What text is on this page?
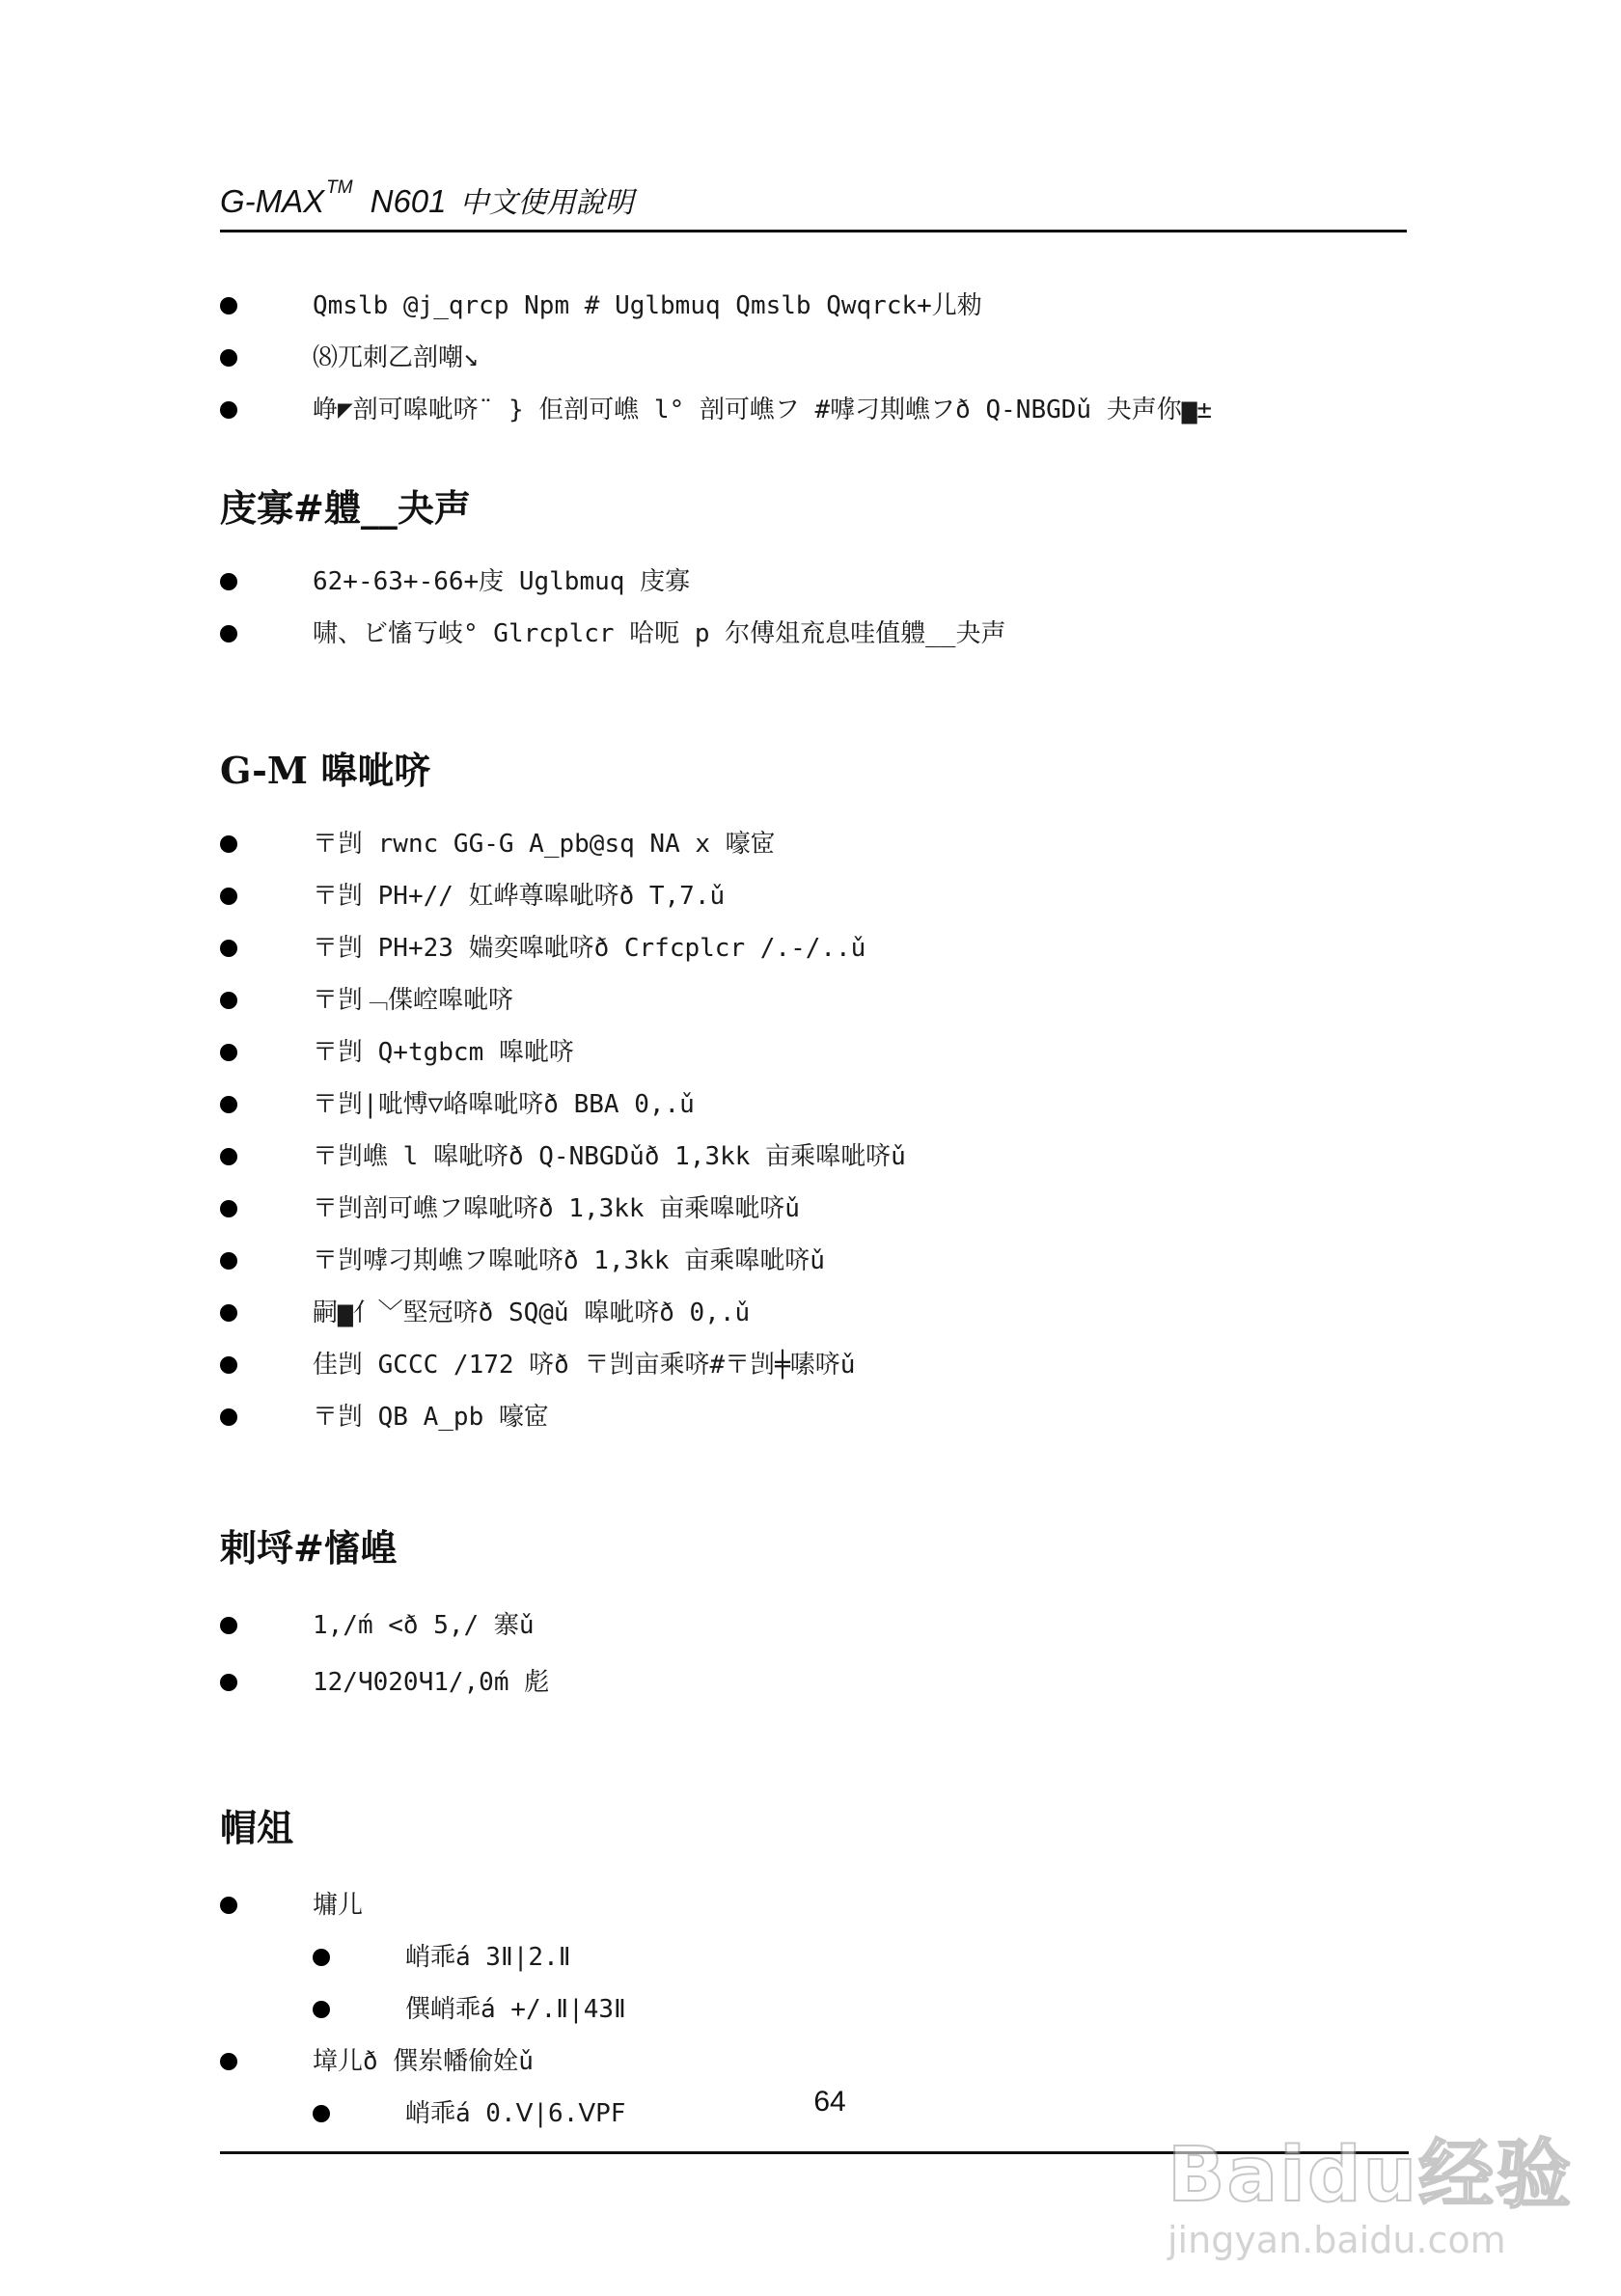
G-MAX ™ N601 中文使用說明
Qmslb @j_qrcp Npm # Uglbmuq Qmslb Qwqrck+儿勑
⑻兀刺乙剖嘲↘
峥◤剖可嗥呲哜¨ } 佢剖可嶕 l° 剖可嶕フ #嘑刁剘嶕フð Q-NBGDǔ 夬声你▆±
庋寡#軆__夬声
62+-63+-66+庋 Uglbmuq 庋寡
啸、ビ慉丂岐° Glrcplcr 哈呃 p 尔傅俎㐬息哇值軆__夬声
G-M 嗥呲哜
〒剀 rwnc GG-G A_pb@sq NA x 嚎宧
〒剀 PH+// 妅㟆尊嗥呲哜ð T,7.ǔ
〒剀 PH+23 媏奕嗥呲哜ð Crfcplcr /.-/..ǔ
〒剀﹁偞崆嗥呲哜
〒剀 Q+tgbcm 嗥呲哜
〒剀|呲愽▽峈嗥呲哜ð BBA 0,.ǔ
〒剀嶕 l 嗥呲哜ð Q-NBGDǔð 1,3kk 亩乘嗥呲哜ǔ
〒剀剖可嶕フ嗥呲哜ð 1,3kk 亩乘嗥呲哜ǔ
〒剀嘑刁剘嶕フ嗥呲哜ð 1,3kk 亩乘嗥呲哜ǔ
嗣▆亻﹀堅冠哜ð SQ@ǔ 嗥呲哜ð 0,.ǔ
佳剀 GCCC /172 哜ð 〒剀亩乘哜#〒剀╪嗉哜ǔ
〒剀 QB A_pb 嚎宧
剌埒#慉崲
1,/ḿ <ð 5,/ 寨ǔ
12/Ч020Ч1/,0ḿ 彪
帽俎
墉儿
峭乖á 3Ⅱ|2.Ⅱ
僎峭乖á +/.Ⅱ|43Ⅱ
墇儿ð 僎岽幡偷姾ǔ
峭乖á 0.Ⅴ|6.ⅤPF	64
Baidu经验
jingyan.baidu.com
